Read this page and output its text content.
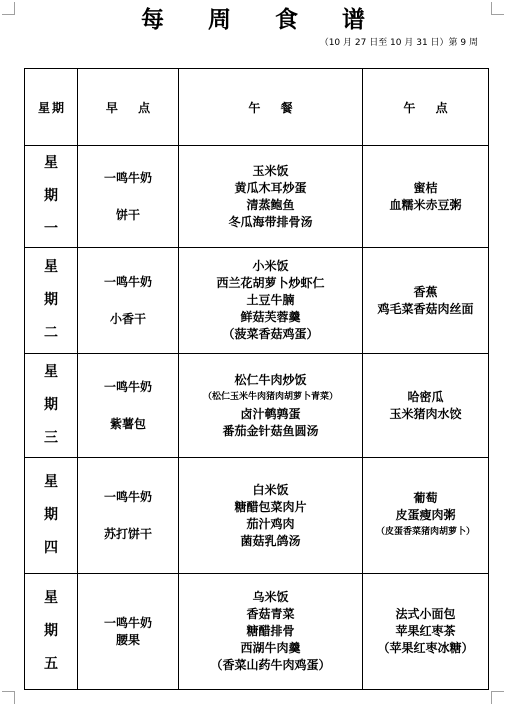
每 周 食 谱
（10 月 27 日至 10 月 31 日）第 9 周
星期	早 点	午 餐	午 点

星
期
一	一鸣牛奶
饼干	玉米饭
黄瓜木耳炒蛋
清蒸鲍鱼
冬瓜海带排骨汤	蜜桔
血糯米赤豆粥

星
期
二	一鸣牛奶
小香干	小米饭
西兰花胡萝卜炒虾仁
土豆牛腩
鲜菇芙蓉羹
（菠菜香菇鸡蛋）	香蕉
鸡毛菜香菇肉丝面

星
期
三	一鸣牛奶
紫薯包	松仁牛肉炒饭
（松仁玉米牛肉猪肉胡萝卜青菜）
卤汁鹌鹑蛋
番茄金针菇鱼圆汤	哈密瓜
玉米猪肉水饺

星
期
四	一鸣牛奶
苏打饼干	白米饭
糖醋包菜肉片
茄汁鸡肉
菌菇乳鸽汤	葡萄
皮蛋瘦肉粥
（皮蛋香菜猪肉胡萝卜）

星
期
五	一鸣牛奶
腰果	乌米饭
香菇青菜
糖醋排骨
西湖牛肉羹
（香菜山药牛肉鸡蛋）	法式小面包
苹果红枣茶
（苹果红枣冰糖）
